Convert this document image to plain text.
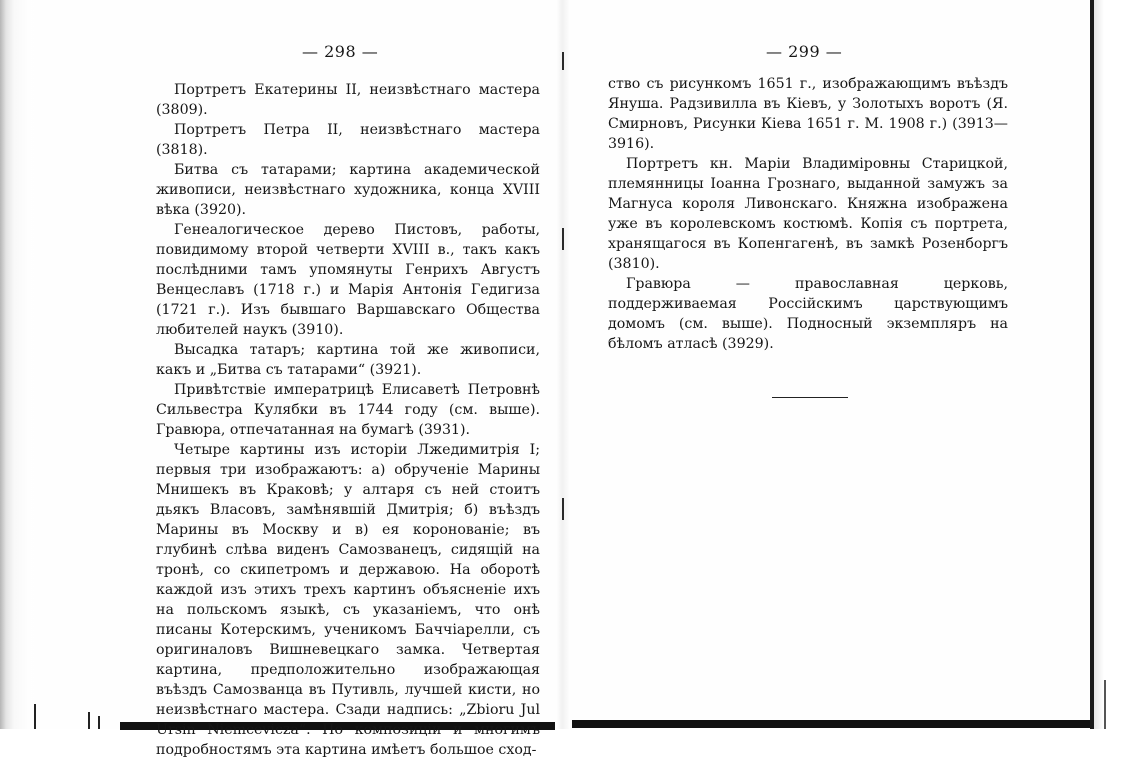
— 298 —

Портретъ Екатерины II, неизвѣстнаго мастера (3809).

Портретъ Петра II, неизвѣстнаго мастера (3818).

Битва съ татарами; картина академической живописи, неизвѣстнаго художника, конца XVIII вѣка (3920).

Генеалогическое дерево Пистовъ, работы, повидимому второй четверти XVIII в., такъ какъ послѣдними тамъ упомянуты Генрихъ Августъ Венцеславъ (1718 г.) и Марія Антонія Гедигиза (1721 г.). Изъ бывшаго Варшавскаго Общества любителей наукъ (3910).

Высадка татаръ; картина той же живописи, какъ и „Битва съ татарами“ (3921).

Привѣтствіе императрицѣ Елисаветѣ Петровнѣ Сильвестра Кулябки въ 1744 году (см. выше). Гравюра, отпечатанная на бумагѣ (3931).

Четыре картины изъ исторіи Лжедимитрія I; первыя три изображаютъ: а) обрученіе Марины Мнишекъ въ Краковѣ; у алтаря съ ней стоитъ дьякъ Власовъ, замѣнявшій Дмитрія; б) въѣздъ Марины въ Москву и в) ея коронованіе; въ глубинѣ слѣва виденъ Самозванецъ, сидящій на тронѣ, со скипетромъ и державою. На оборотѣ каждой изъ этихъ трехъ картинъ объясненіе ихъ на польскомъ языкѣ, съ указаніемъ, что онѣ писаны Котерскимъ, ученикомъ Баччіарелли, съ оригиналовъ Вишневецкаго замка. Четвертая картина, предположительно изображающая въѣздъ Самозванца въ Путивль, лучшей кисти, но неизвѣстнаго мастера. Сзади надпись: „Zbioru Jul Ursin Niemcevicza“. По композиціи и многимъ подробностямъ эта картина имѣетъ большое сход-

— 299 —

ство съ рисункомъ 1651 г., изображающимъ въѣздъ Януша. Радзивилла въ Кіевъ, у Золотыхъ воротъ (Я. Смирновъ, Рисунки Кіева 1651 г. М. 1908 г.) (3913—3916).

Портретъ кн. Маріи Владиміровны Старицкой, племянницы Іоанна Грознаго, выданной замужъ за Магнуса короля Ливонскаго. Княжна изображена уже въ королевскомъ костюмѣ. Копія съ портрета, хранящагося въ Копенгагенѣ, въ замкѣ Розенборгъ (3810).

Гравюра — православная церковь, поддерживаемая Россійскимъ царствующимъ домомъ (см. выше). Подносный экземпляръ на бѣломъ атласѣ (3929).
